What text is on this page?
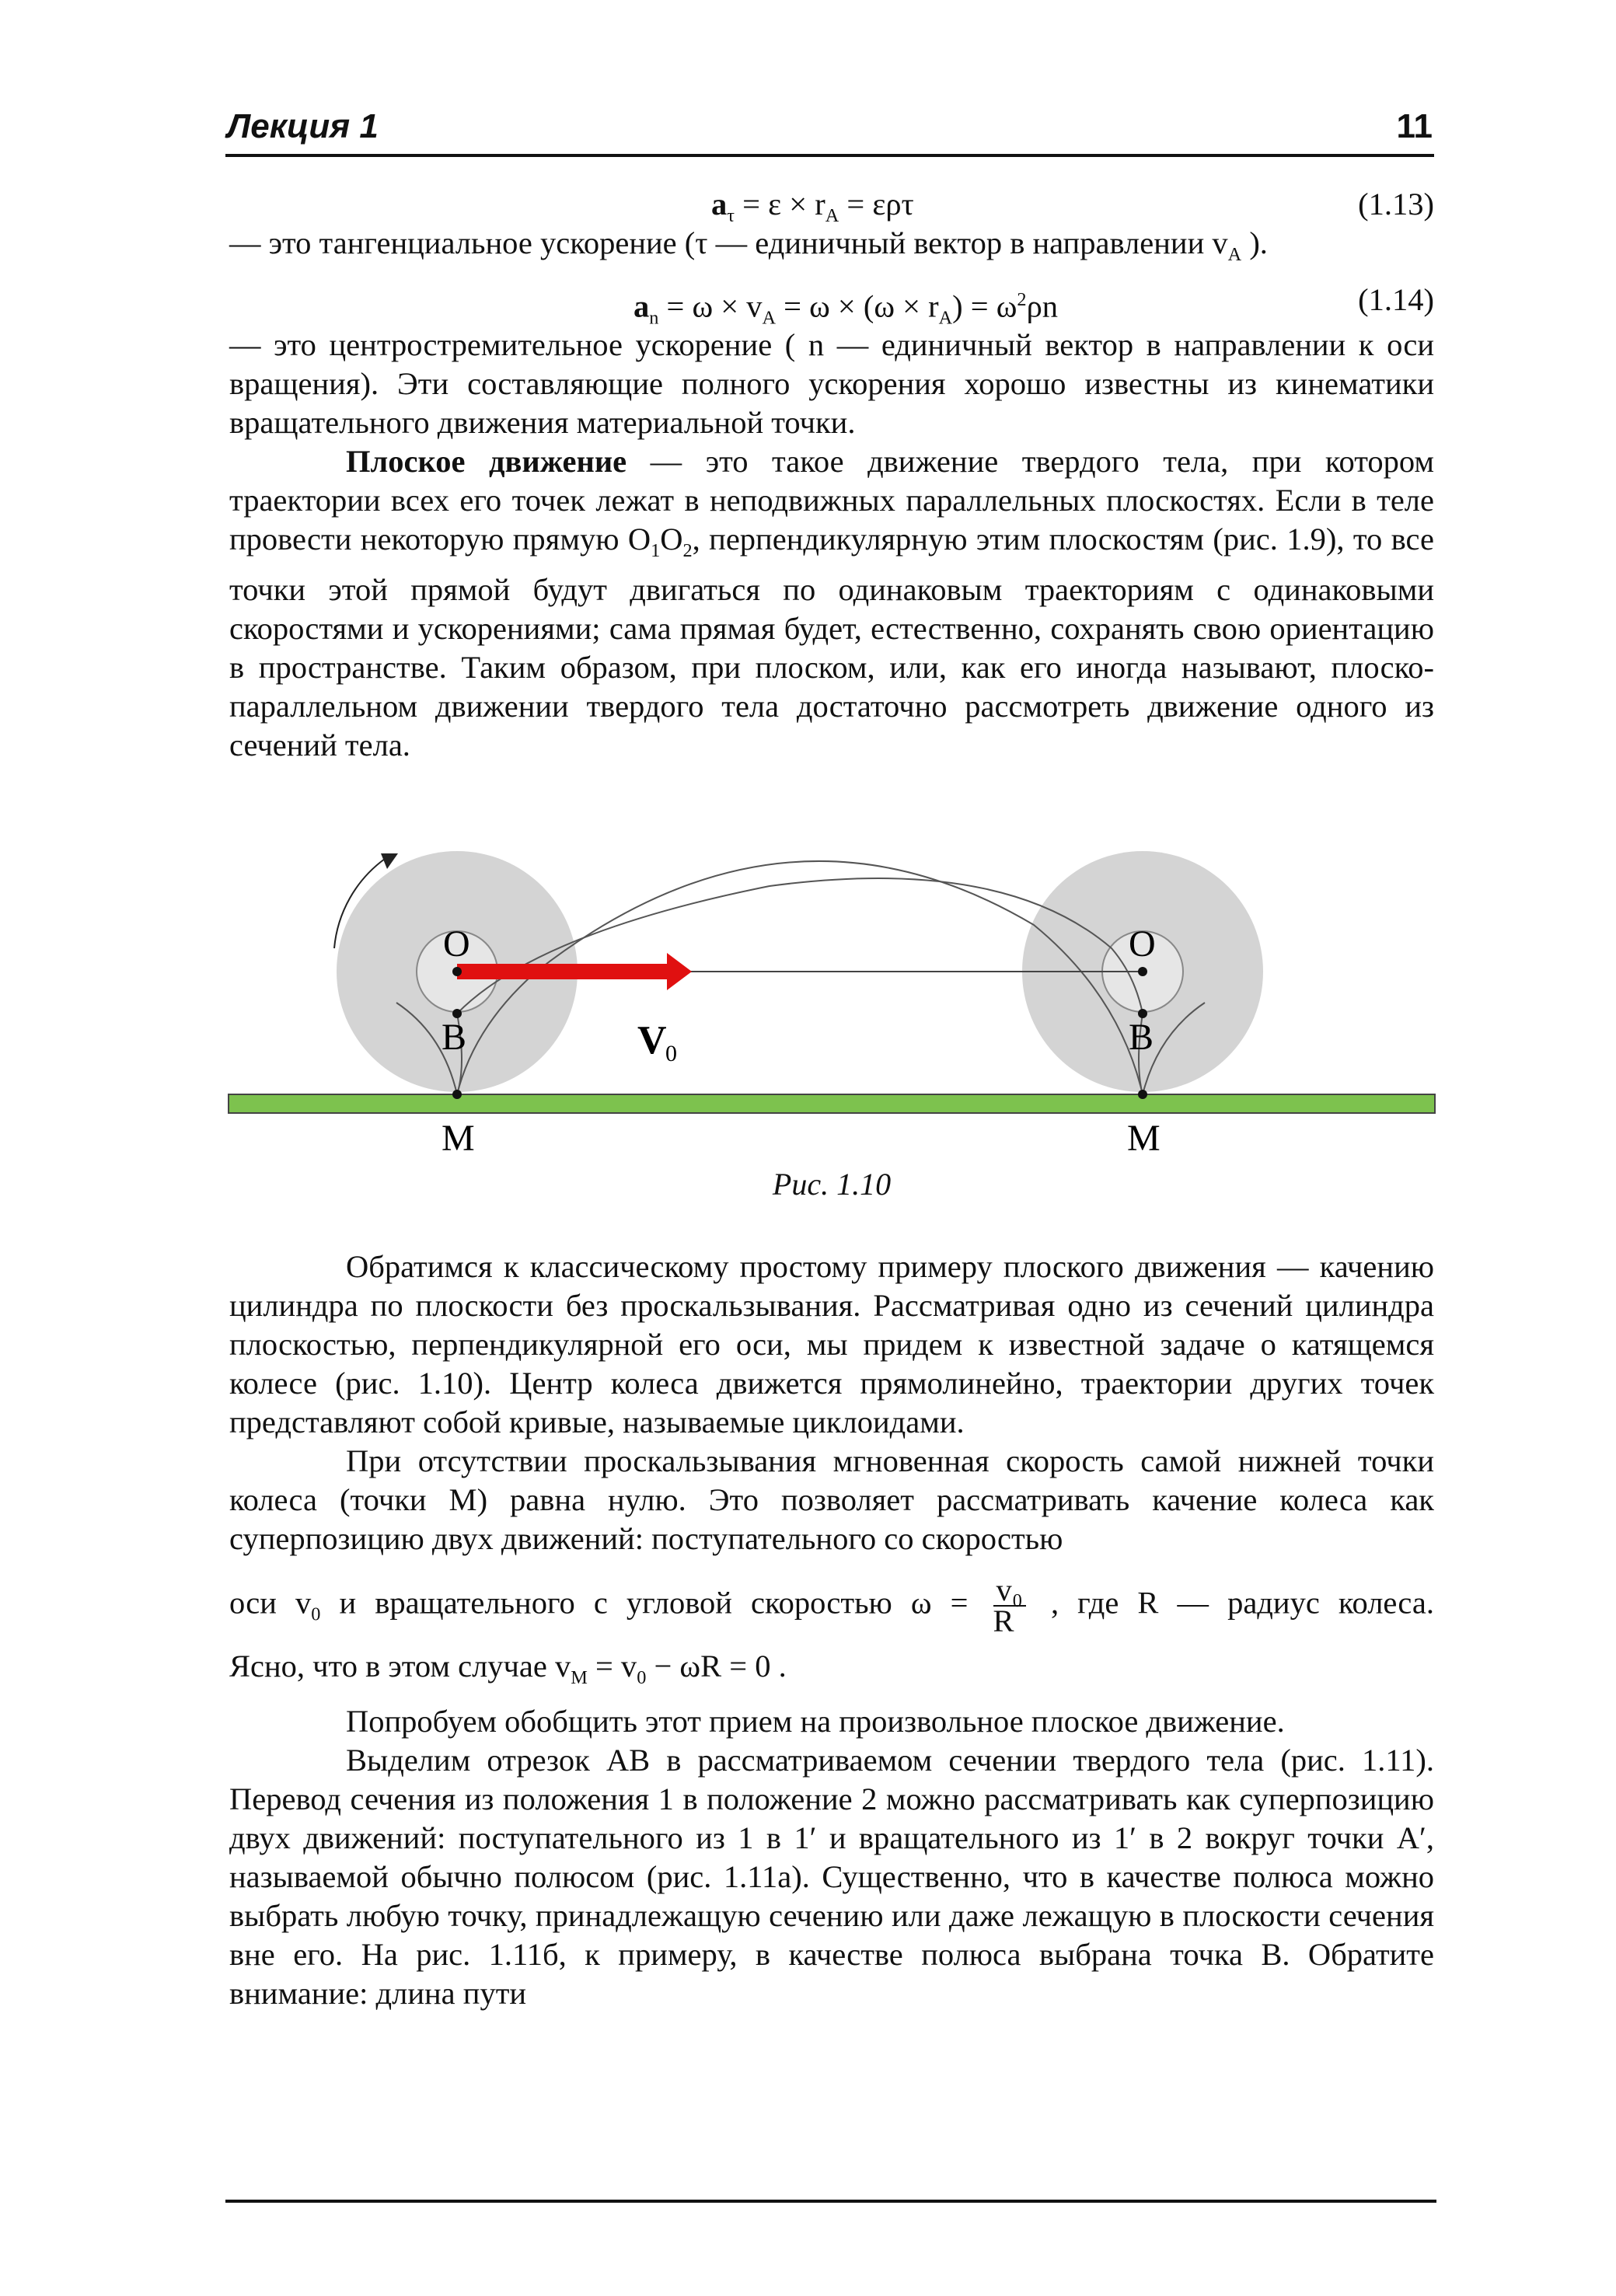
Лекция 1	11
$a_\tau = \varepsilon \times r_A = \varepsilon\rho\tau$	(1.13)

— это тангенциальное ускорение (τ — единичный вектор в направлении $v_A$ ).

$a_n = \omega \times v_A = \omega \times (\omega \times r_A) = \omega^2\rho n$	(1.14)

— это центростремительное ускорение ( n — единичный вектор в направлении к оси вращения). Эти составляющие полного ускорения хорошо известны из кинематики вращательного движения материальной точки.

Плоское движение — это такое движение твердого тела, при котором траектории всех его точек лежат в неподвижных параллельных плоскостях. Если в теле провести некоторую прямую $O_1O_2$, перпендикулярную этим плоскостям (рис. 1.9), то все точки этой прямой будут двигаться по одинаковым траекториям с одинаковыми скоростями и ускорениями; сама прямая будет, естественно, сохранять свою ориентацию в пространстве. Таким образом, при плоском, или, как его иногда называют, плоско-параллельном движении твердого тела достаточно рассмотреть движение одного из сечений тела.

O
B
M
O
B
M
V
0
Рис. 1.10

Обратимся к классическому простому примеру плоского движения — качению цилиндра по плоскости без проскальзывания. Рассматривая одно из сечений цилиндра плоскостью, перпендикулярной его оси, мы придем к известной задаче о катящемся колесе (рис. 1.10). Центр колеса движется прямолинейно, траектории других точек представляют собой кривые, называемые циклоидами.

При отсутствии проскальзывания мгновенная скорость самой нижней точки колеса (точки М) равна нулю. Это позволяет рассматривать качение колеса как суперпозицию двух движений: поступательного со скоростью

оси $v_0$ и вращательного с угловой скоростью $\omega = \frac{\text{v₀}}{R}$ , где R — радиус колеса.

Ясно, что в этом случае $v_M = v_0 - \omega R = 0$ .

Попробуем обобщить этот прием на произвольное плоское движение.

Выделим отрезок AB в рассматриваемом сечении твердого тела (рис. 1.11). Перевод сечения из положения 1 в положение 2 можно рассматривать как суперпозицию двух движений: поступательного из 1 в 1′ и вращательного из 1′ в 2 вокруг точки A′, называемой обычно полюсом (рис. 1.11а). Существенно, что в качестве полюса можно выбрать любую точку, принадлежащую сечению или даже лежащую в плоскости сечения вне его. На рис. 1.11б, к примеру, в качестве полюса выбрана точка B. Обратите внимание: длина пути
